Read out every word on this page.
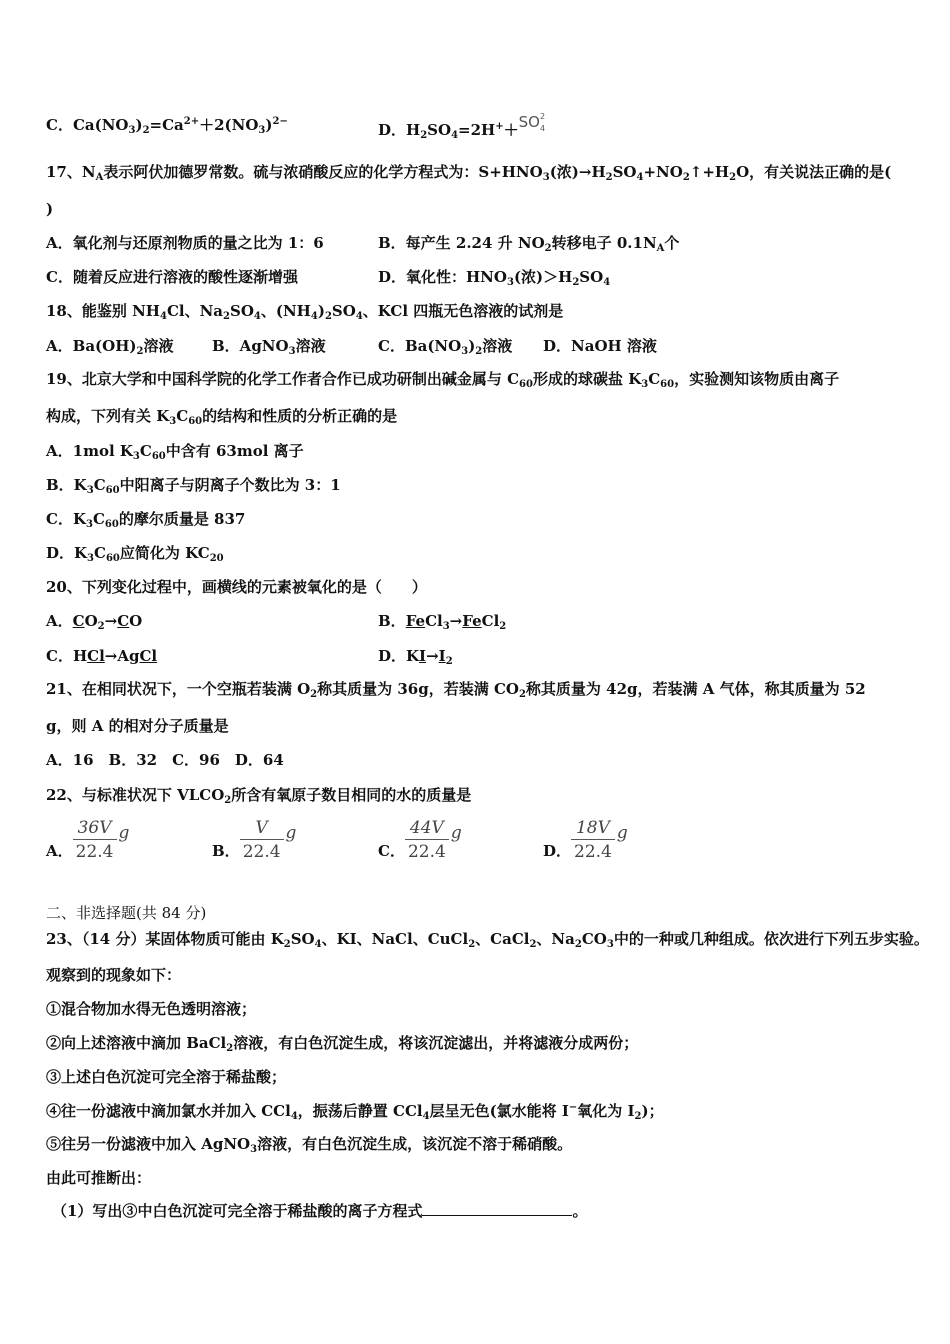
C．$Ca(NO_3)_2=Ca^{2+}+2(NO_3)^{2-}$	D．$H_2SO_4=2H^++SO^2_4$
17、$N_A$表示阿伏加德罗常数。硫与浓硝酸反应的化学方程式为：$S+HNO_3$(浓)$\to H_2SO_4+NO_2↑+H_2O$，有关说法正确的是(
)
A．氧化剂与还原剂物质的量之比为 1：6	B．每产生 2.24 升 $NO_2$转移电子 $0.1N_A$个
C．随着反应进行溶液的酸性逐渐增强	D．氧化性：$HNO_3$(浓)$>H_2SO_4$
18、能鉴别 $NH_4Cl$、$Na_2SO_4$、$(NH_4)_2SO_4$、KCl 四瓶无色溶液的试剂是
A．$Ba(OH)_2$溶液	B．AgNO$_3$溶液	C．$Ba(NO_3)_2$溶液 D．NaOH 溶液
19、北京大学和中国科学院的化学工作者合作已成功研制出碱金属与 $C_{60}$形成的球碳盐 $K_3C_{60}$，实验测知该物质由离子
构成，下列有关 $K_3C_{60}$的结构和性质的分析正确的是
A．1mol $K_3C_{60}$中含有 63mol 离子
B．$K_3C_{60}$中阳离子与阴离子个数比为 3：1
C．$K_3C_{60}$的摩尔质量是 837
D．$K_3C_{60}$应简化为 $KC_{20}$
20、下列变化过程中，画横线的元素被氧化的是（　　）
A．$CO_2\to CO$	B．FeCl$_3$→FeCl$_2$
C．HCl→AgCl	D．$KI\to I_2$
21、在相同状况下，一个空瓶若装满 $O_2$称其质量为 36g，若装满 $CO_2$称其质量为 42g，若装满 A 气体，称其质量为 52
g，则 A 的相对分子质量是
A．16　B．32　C．96　D．64
22、与标准状况下 $VLCO_2$所含有氧原子数目相同的水的质量是
A． $\frac{36V}{22.4}$ g
B． $\frac{V}{22.4}$ g
C． $\frac{44V}{22.4}$ g
D． $\frac{18V}{22.4}$ g
二、非选择题(共 84 分)
23、（14 分）某固体物质可能由 $K_2SO_4$、KI、NaCl、CuCl$_2$、CaCl$_2$、$Na_2CO_3$中的一种或几种组成。依次进行下列五步实验。
观察到的现象如下：
①混合物加水得无色透明溶液；
②向上述溶液中滴加 BaCl$_2$溶液，有白色沉淀生成，将该沉淀滤出，并将滤液分成两份；
③上述白色沉淀可完全溶于稀盐酸；
④往一份滤液中滴加氯水并加入 CCl$_4$，振荡后静置 CCl$_4$层呈无色(氯水能将 I−氧化为 $I_2$)；
⑤往另一份滤液中加入 AgNO$_3$溶液，有白色沉淀生成，该沉淀不溶于稀硝酸。
由此可推断出：
（1）写出③中白色沉淀可完全溶于稀盐酸的离子方程式	。
